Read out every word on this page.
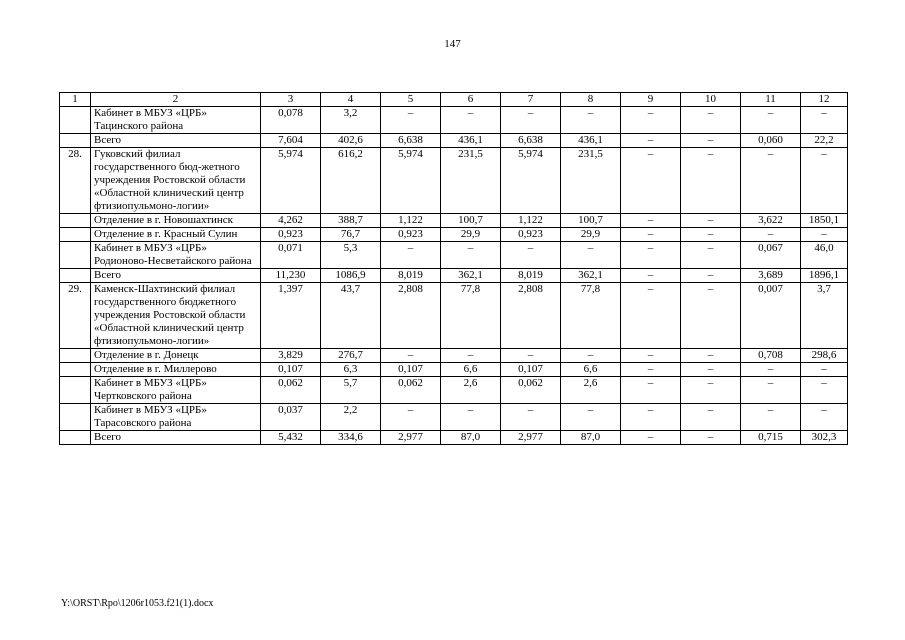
147
1	2	3	4	5	6	7	8	9	10	11	12
	Кабинет в МБУЗ «ЦРБ» Тацинского района	0,078	3,2	–	–	–	–	–	–	–	–
	Всего	7,604	402,6	6,638	436,1	6,638	436,1	–	–	0,060	22,2
28.	Гуковский филиал государственного бюд-жетного учреждения Ростовской области «Областной клинический центр фтизиопульмоно-логии»	5,974	616,2	5,974	231,5	5,974	231,5	–	–	–	–
	Отделение в г. Новошахтинск	4,262	388,7	1,122	100,7	1,122	100,7	–	–	3,622	1850,1
	Отделение в г. Красный Сулин	0,923	76,7	0,923	29,9	0,923	29,9	–	–	–	–
	Кабинет в МБУЗ «ЦРБ» Родионово-Несветайского района	0,071	5,3	–	–	–	–	–	–	0,067	46,0
	Всего	11,230	1086,9	8,019	362,1	8,019	362,1	–	–	3,689	1896,1
29.	Каменск-Шахтинский филиал государственного бюджетного учреждения Ростовской области «Областной клинический центр фтизиопульмоно-логии»	1,397	43,7	2,808	77,8	2,808	77,8	–	–	0,007	3,7
	Отделение в г. Донецк	3,829	276,7	–	–	–	–	–	–	0,708	298,6
	Отделение в г. Миллерово	0,107	6,3	0,107	6,6	0,107	6,6	–	–	–	–
	Кабинет в МБУЗ «ЦРБ» Чертковского района	0,062	5,7	0,062	2,6	0,062	2,6	–	–	–	–
	Кабинет в МБУЗ «ЦРБ» Тарасовского района	0,037	2,2	–	–	–	–	–	–	–	–
	Всего	5,432	334,6	2,977	87,0	2,977	87,0	–	–	0,715	302,3
Y:\ORST\Rpo\1206r1053.f21(1).docx
